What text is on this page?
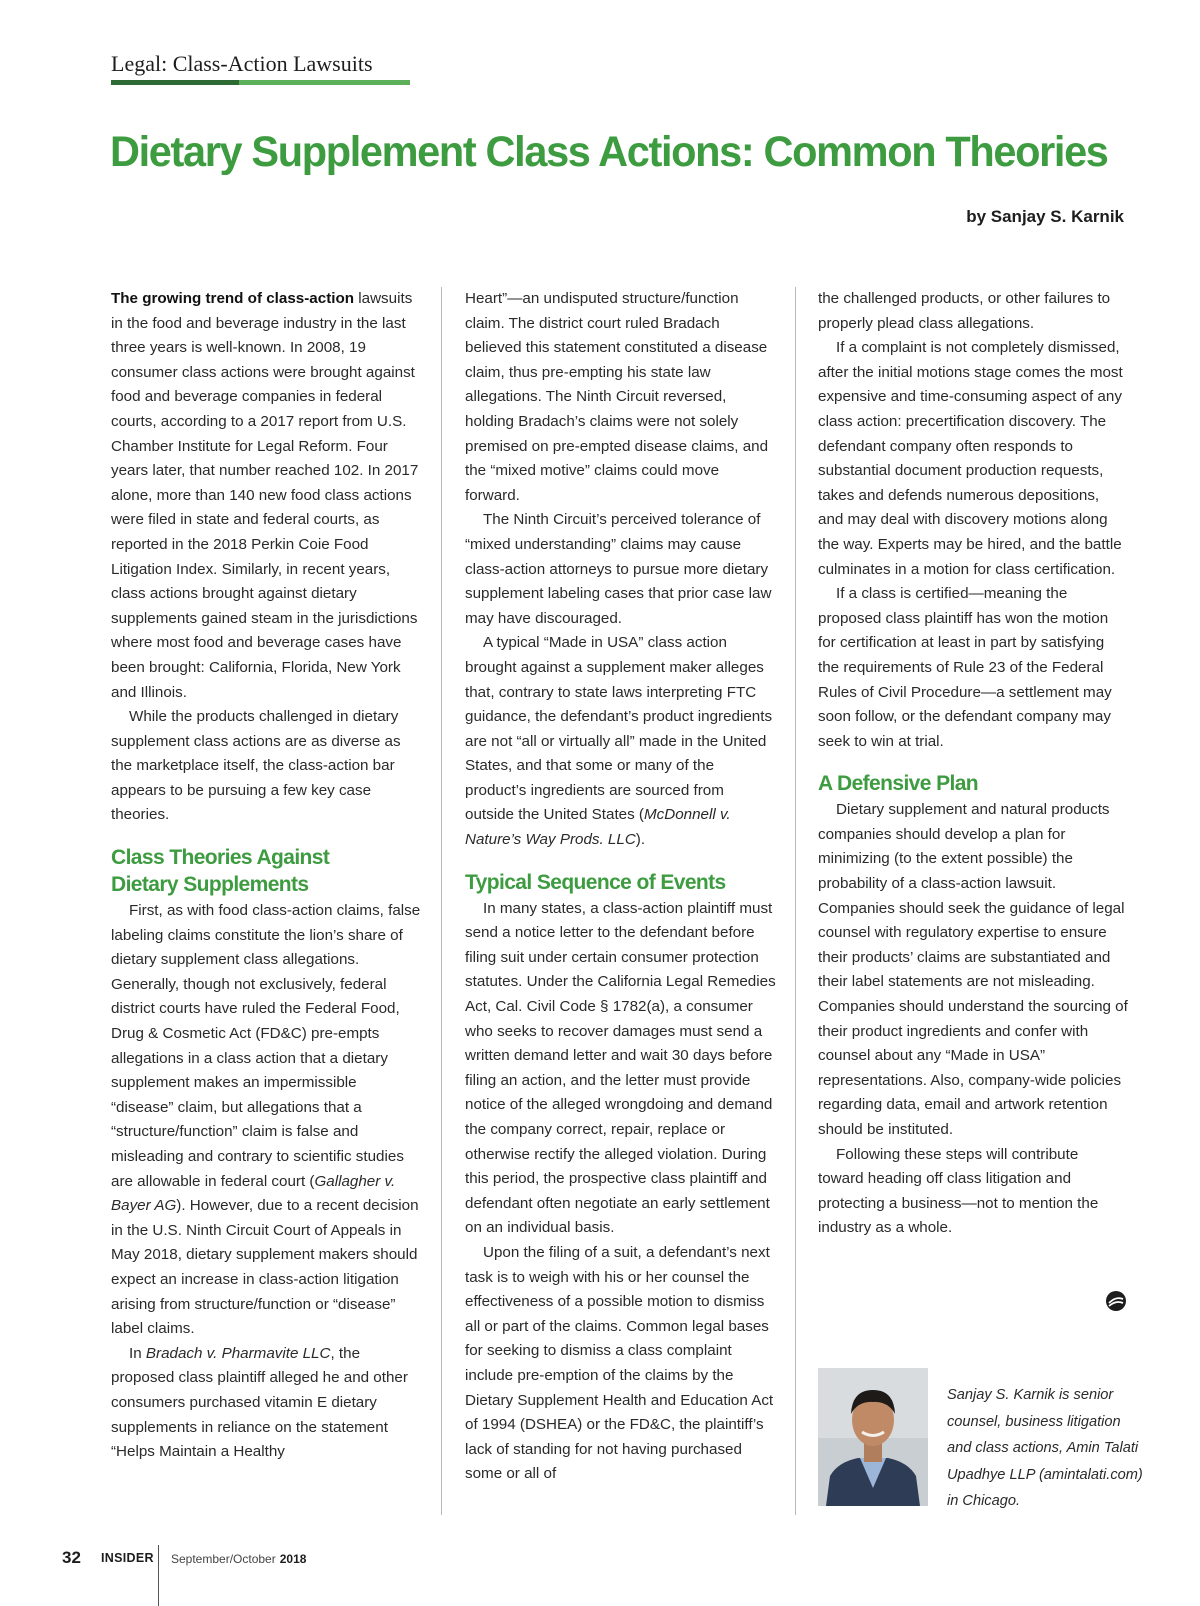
Legal: Class-Action Lawsuits
Dietary Supplement Class Actions: Common Theories
by Sanjay S. Karnik

The growing trend of class-action lawsuits in the food and beverage industry in the last three years is well-known. In 2008, 19 consumer class actions were brought against food and beverage companies in federal courts, according to a 2017 report from U.S. Chamber Institute for Legal Reform. Four years later, that number reached 102. In 2017 alone, more than 140 new food class actions were filed in state and federal courts, as reported in the 2018 Perkin Coie Food Litigation Index. Similarly, in recent years, class actions brought against dietary supplements gained steam in the jurisdictions where most food and beverage cases have been brought: California, Florida, New York and Illinois.

While the products challenged in dietary supplement class actions are as diverse as the marketplace itself, the class-action bar appears to be pursuing a few key case theories.

Class Theories Against
Dietary Supplements

First, as with food class-action claims, false labeling claims constitute the lion’s share of dietary supplement class allegations. Generally, though not exclusively, federal district courts have ruled the Federal Food, Drug & Cosmetic Act (FD&C) pre-empts allegations in a class action that a dietary supplement makes an impermissible “disease” claim, but allegations that a “structure/function” claim is false and misleading and contrary to scientific studies are allowable in federal court (Gallagher v. Bayer AG). However, due to a recent decision in the U.S. Ninth Circuit Court of Appeals in May 2018, dietary supplement makers should expect an increase in class-action litigation arising from structure/function or “disease” label claims.

In Bradach v. Pharmavite LLC, the proposed class plaintiff alleged he and other consumers purchased vitamin E dietary supplements in reliance on the statement “Helps Maintain a Healthy

Heart”—an undisputed structure/function claim. The district court ruled Bradach believed this statement constituted a disease claim, thus pre-empting his state law allegations. The Ninth Circuit reversed, holding Bradach’s claims were not solely premised on pre-empted disease claims, and the “mixed motive” claims could move forward.

The Ninth Circuit’s perceived tolerance of “mixed understanding” claims may cause class-action attorneys to pursue more dietary supplement labeling cases that prior case law may have discouraged.

A typical “Made in USA” class action brought against a supplement maker alleges that, contrary to state laws interpreting FTC guidance, the defendant’s product ingredients are not “all or virtually all” made in the United States, and that some or many of the product’s ingredients are sourced from outside the United States (McDonnell v. Nature’s Way Prods. LLC).

Typical Sequence of Events

In many states, a class-action plaintiff must send a notice letter to the defendant before filing suit under certain consumer protection statutes. Under the California Legal Remedies Act, Cal. Civil Code § 1782(a), a consumer who seeks to recover damages must send a written demand letter and wait 30 days before filing an action, and the letter must provide notice of the alleged wrongdoing and demand the company correct, repair, replace or otherwise rectify the alleged violation. During this period, the prospective class plaintiff and defendant often negotiate an early settlement on an individual basis.

Upon the filing of a suit, a defendant’s next task is to weigh with his or her counsel the effectiveness of a possible motion to dismiss all or part of the claims. Common legal bases for seeking to dismiss a class complaint include pre-emption of the claims by the Dietary Supplement Health and Education Act of 1994 (DSHEA) or the FD&C, the plaintiff’s lack of standing for not having purchased some or all of

the challenged products, or other failures to properly plead class allegations.

If a complaint is not completely dismissed, after the initial motions stage comes the most expensive and time-consuming aspect of any class action: precertification discovery. The defendant company often responds to substantial document production requests, takes and defends numerous depositions, and may deal with discovery motions along the way. Experts may be hired, and the battle culminates in a motion for class certification.

If a class is certified—meaning the proposed class plaintiff has won the motion for certification at least in part by satisfying the requirements of Rule 23 of the Federal Rules of Civil Procedure—a settlement may soon follow, or the defendant company may seek to win at trial.

A Defensive Plan

Dietary supplement and natural products companies should develop a plan for minimizing (to the extent possible) the probability of a class-action lawsuit. Companies should seek the guidance of legal counsel with regulatory expertise to ensure their products’ claims are substantiated and their label statements are not misleading. Companies should understand the sourcing of their product ingredients and confer with counsel about any “Made in USA” representations. Also, company-wide policies regarding data, email and artwork retention should be instituted.

Following these steps will contribute toward heading off class litigation and protecting a business—not to mention the industry as a whole.

Sanjay S. Karnik is senior counsel, business litigation and class actions, Amin Talati Upadhye LLP (amintalati.com) in Chicago.
32 INSIDER September/October 2018
